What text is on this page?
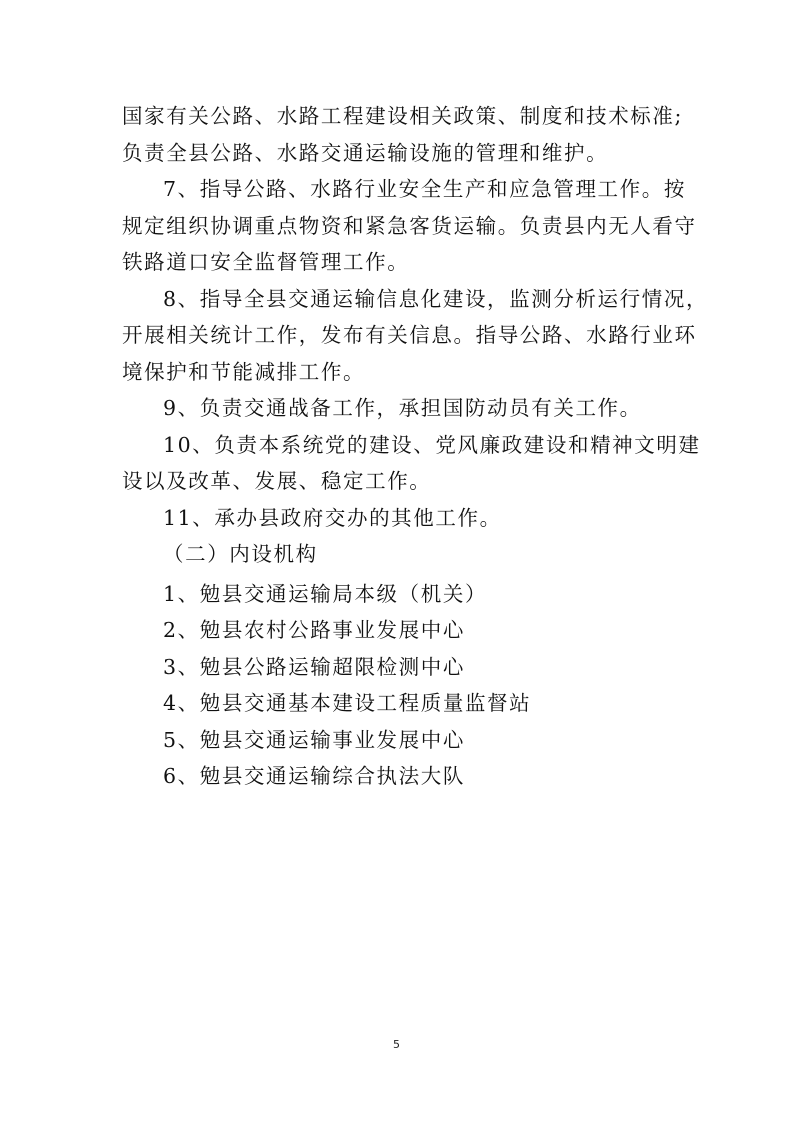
国家有关公路、水路工程建设相关政策、制度和技术标准;
负责全县公路、水路交通运输设施的管理和维护。
7、指导公路、水路行业安全生产和应急管理工作。按
规定组织协调重点物资和紧急客货运输。负责县内无人看守
铁路道口安全监督管理工作。
8、指导全县交通运输信息化建设，监测分析运行情况，
开展相关统计工作，发布有关信息。指导公路、水路行业环
境保护和节能减排工作。
9、负责交通战备工作，承担国防动员有关工作。
10、负责本系统党的建设、党风廉政建设和精神文明建
设以及改革、发展、稳定工作。
11、承办县政府交办的其他工作。
（二）内设机构
1、勉县交通运输局本级（机关）
2、勉县农村公路事业发展中心
3、勉县公路运输超限检测中心
4、勉县交通基本建设工程质量监督站
5、勉县交通运输事业发展中心
6、勉县交通运输综合执法大队
5
